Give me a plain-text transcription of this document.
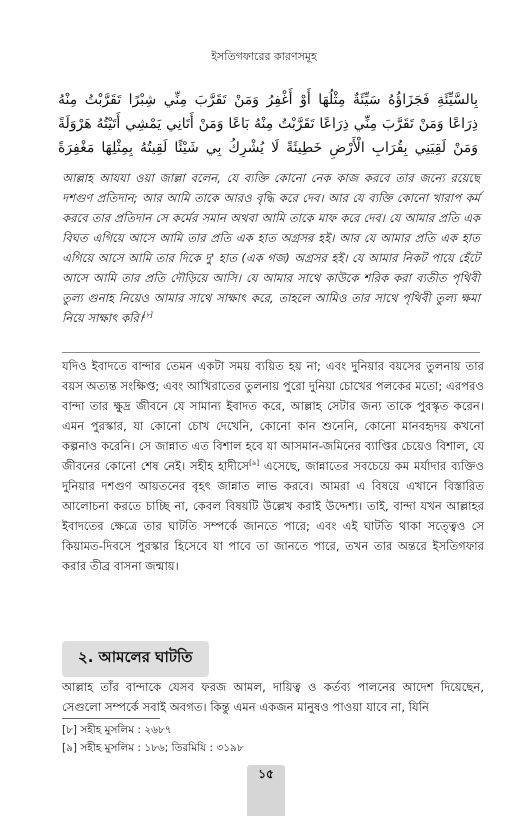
ইসতিগফারের কারণসমূহ
بِالسَّيِّئَةِ فَجَزَاؤُهُ سَيِّئَةٌ مِثْلُهَا أَوْ أَغْفِرُ وَمَنْ تَقَرَّبَ مِنِّي شِبْرًا تَقَرَّبْتُ مِنْهُ
ذِرَاعًا وَمَنْ تَقَرَّبَ مِنِّي ذِرَاعًا تَقَرَّبْتُ مِنْهُ بَاعًا وَمَنْ أَتَانِي يَمْشِي أَتَيْتُهُ هَرْوَلَةً
وَمَنْ لَقِيَنِي بِقُرَابِ الْأَرْضِ خَطِيئَةً لَا يُشْرِكُ بِي شَيْئًا لَقِيتُهُ بِمِثْلِهَا مَغْفِرَةً
আল্লাহ আযযা ওয়া জাল্লা বলেন, যে ব্যক্তি কোনো নেক কাজ করবে তার জন্যে রয়েছে দশগুণ প্রতিদান; আর আমি তাকে আরও বৃদ্ধি করে দেব। আর যে ব্যক্তি কোনো খারাপ কর্ম করবে তার প্রতিদান সে কর্মের সমান অথবা আমি তাকে মাফ করে দেব। যে আমার প্রতি এক বিঘত এগিয়ে আসে আমি তার প্রতি এক হাত অগ্রসর হই। আর যে আমার প্রতি এক হাত এগিয়ে আসে আমি তার দিকে দু' হাত (এক গজ) অগ্রসর হই। যে আমার নিকট পায়ে হেঁটে আসে আমি তার প্রতি দৌড়িয়ে আসি। যে আমার সাথে কাউকে শরিক করা ব্যতীত পৃথিবী তুল্য গুনাহ নিয়েও আমার সাথে সাক্ষাৎ করে, তাহলে আমিও তার সাথে পৃথিবী তুল্য ক্ষমা নিয়ে সাক্ষাৎ করি।[৮]
যদিও ইবাদতে বান্দার তেমন একটা সময় ব্যয়িত হয় না; এবং দুনিয়ার বয়সের তুলনায় তার বয়স অত্যন্ত সংক্ষিপ্ত; এবং আখিরাতের তুলনায় পুরো দুনিয়া চোখের পলকের মতো; এরপরও বান্দা তার ক্ষুদ্র জীবনে যে সামান্য ইবাদত করে, আল্লাহ সেটার জন্য তাকে পুরস্কৃত করেন। এমন পুরস্কার, যা কোনো চোখ দেখেনি, কোনো কান শুনেনি, কোনো মানবহৃদয় কখনো কল্পনাও করেনি। সে জান্নাত এত বিশাল হবে যা আসমান-জমিনের ব্যাপ্তির চেয়েও বিশাল, যে জীবনের কোনো শেষ নেই। সহীহ হাদীসে[৯] এসেছে, জান্নাতের সবচেয়ে কম মর্যাদার ব্যক্তিও দুনিয়ার দশগুণ আয়তনের বৃহৎ জান্নাত লাভ করবে। আমরা এ বিষয়ে এখানে বিস্তারিত আলোচনা করতে চাচ্ছি না, কেবল বিষয়টি উল্লেখ করাই উদ্দেশ্য। তাই, বান্দা যখন আল্লাহর ইবাদতের ক্ষেত্রে তার ঘাটতি সম্পর্কে জানতে পারে; এবং এই ঘাটতি থাকা সত্ত্বেও সে কিয়ামত-দিবসে পুরস্কার হিসেবে যা পাবে তা জানতে পারে, তখন তার অন্তরে ইসতিগফার করার তীব্র বাসনা জন্মায়।
২. আমলের ঘাটতি
আল্লাহ তাঁর বান্দাকে যেসব ফরজ আমল, দায়িত্ব ও কর্তব্য পালনের আদেশ দিয়েছেন, সেগুলো সম্পর্কে সবাই অবগত। কিন্তু এমন একজন মানুষও পাওয়া যাবে না, যিনি
[৮] সহীহ মুসলিম : ২৬৮৭
[৯] সহীহ মুসলিম : ১৮৬; তিরমিযি : ৩১৯৮
১৫
